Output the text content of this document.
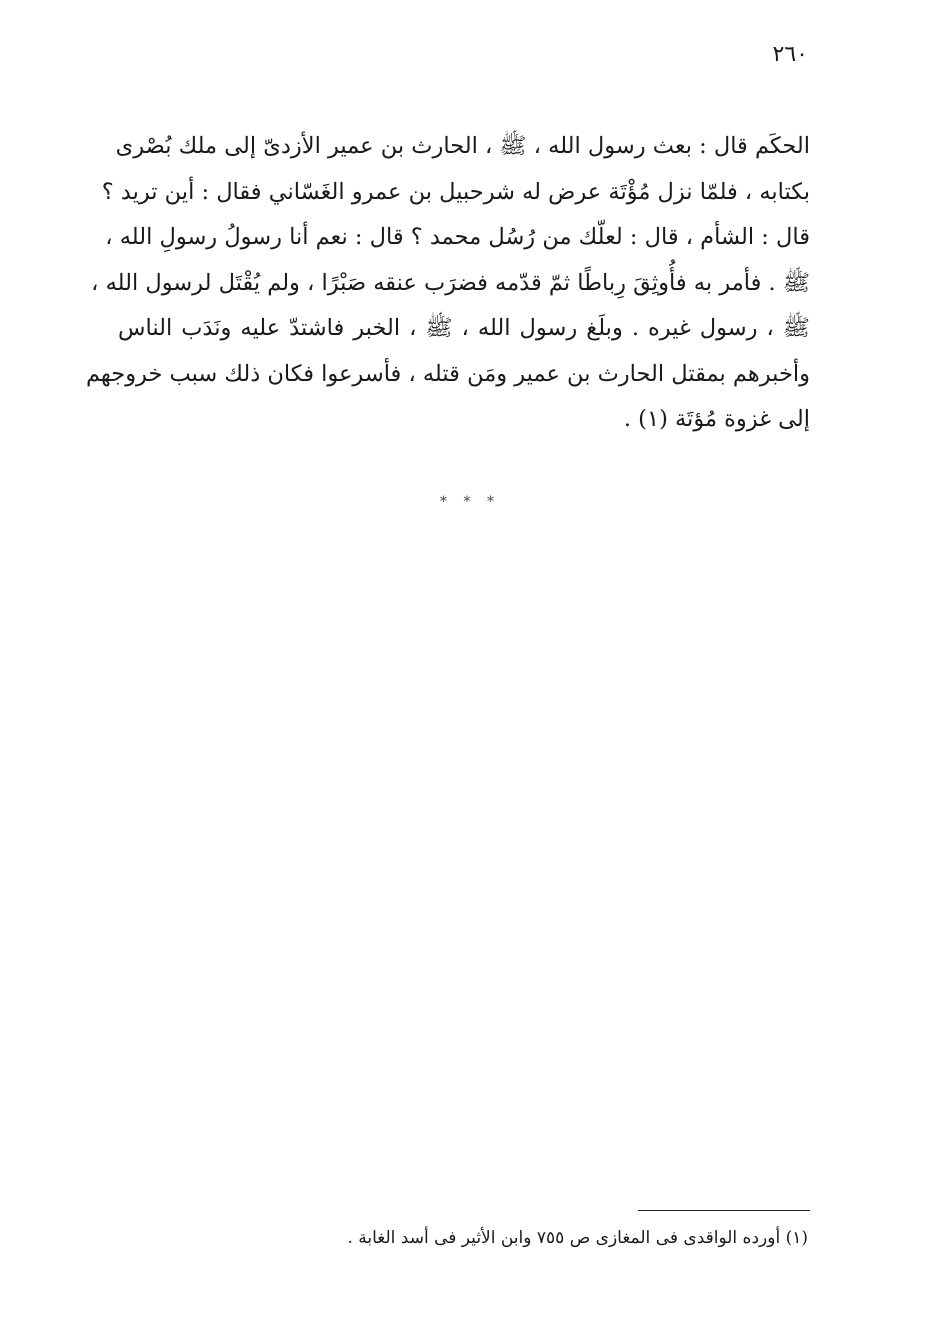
٢٦٠
الحكَم قال : بعث رسول الله ، ﷺ ، الحارث بن عمير الأزدىّ إلى ملك بُصْرى
بكتابه ، فلمّا نزل مُؤْتَة عرض له شرحبيل بن عمرو الغَسّاني فقال : أين تريد ؟
قال : الشأم ، قال : لعلّك من رُسُل محمد ؟ قال : نعم أنا رسولُ رسولِ الله ،
ﷺ . فأمر به فأُوثِقَ رِباطًا ثمّ قدّمه فضرَب عنقه صَبْرًا ، ولم يُقْتَل لرسول الله ،
ﷺ ، رسول غيره . وبلَغ رسول الله ، ﷺ ، الخبر فاشتدّ عليه ونَدَب الناس
وأخبرهم بمقتل الحارث بن عمير ومَن قتله ، فأسرعوا فكان ذلك سبب خروجهم
إلى غزوة مُؤتَة (١) .
* * *
(١) أورده الواقدى فى المغازى ص ٧٥٥ وابن الأثير فى أسد الغابة .
